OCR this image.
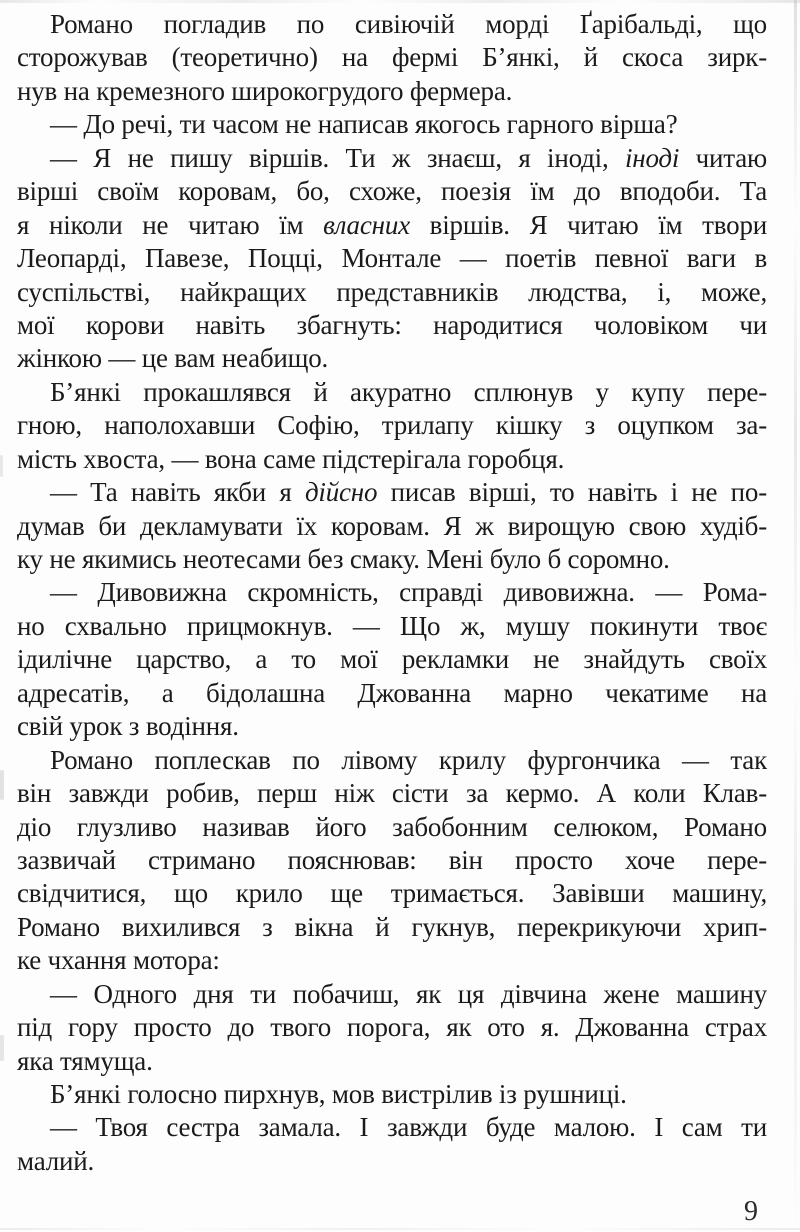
Романо погладив по сивіючій морді Ґарібальді, що
сторожував (теоретично) на фермі Б’янкі, й скоса зирк-
нув на кремезного широкогрудого фермера.
— До речі, ти часом не написав якогось гарного вірша?
— Я не пишу віршів. Ти ж знаєш, я іноді, іноді читаю
вірші своїм коровам, бо, схоже, поезія їм до вподоби. Та
я ніколи не читаю їм власних віршів. Я читаю їм твори
Леопарді, Павезе, Поцці, Монтале — поетів певної ваги в
суспільстві, найкращих представників людства, і, може,
мої корови навіть збагнуть: народитися чоловіком чи
жінкою — це вам неабищо.
Б’янкі прокашлявся й акуратно сплюнув у купу пере-
гною, наполохавши Софію, трилапу кішку з оцупком за-
мість хвоста, — вона саме підстерігала горобця.
— Та навіть якби я дійсно писав вірші, то навіть і не по-
думав би декламувати їх коровам. Я ж вирощую свою худіб-
ку не якимись неотесами без смаку. Мені було б соромно.
— Дивовижна скромність, справді дивовижна. — Рома-
но схвально прицмокнув. — Що ж, мушу покинути твоє
ідилічне царство, а то мої рекламки не знайдуть своїх
адресатів, а бідолашна Джованна марно чекатиме на
свій урок з водіння.
Романо поплескав по лівому крилу фургончика — так
він завжди робив, перш ніж сісти за кермо. А коли Клав-
діо глузливо називав його забобонним селюком, Романо
зазвичай стримано пояснював: він просто хоче пере-
свідчитися, що крило ще тримається. Завівши машину,
Романо вихилився з вікна й гукнув, перекрикуючи хрип-
ке чхання мотора:
— Одного дня ти побачиш, як ця дівчина жене машину
під гору просто до твого порога, як ото я. Джованна страх
яка тямуща.
Б’янкі голосно пирхнув, мов вистрілив із рушниці.
— Твоя сестра замала. І завжди буде малою. І сам ти
малий.
9
